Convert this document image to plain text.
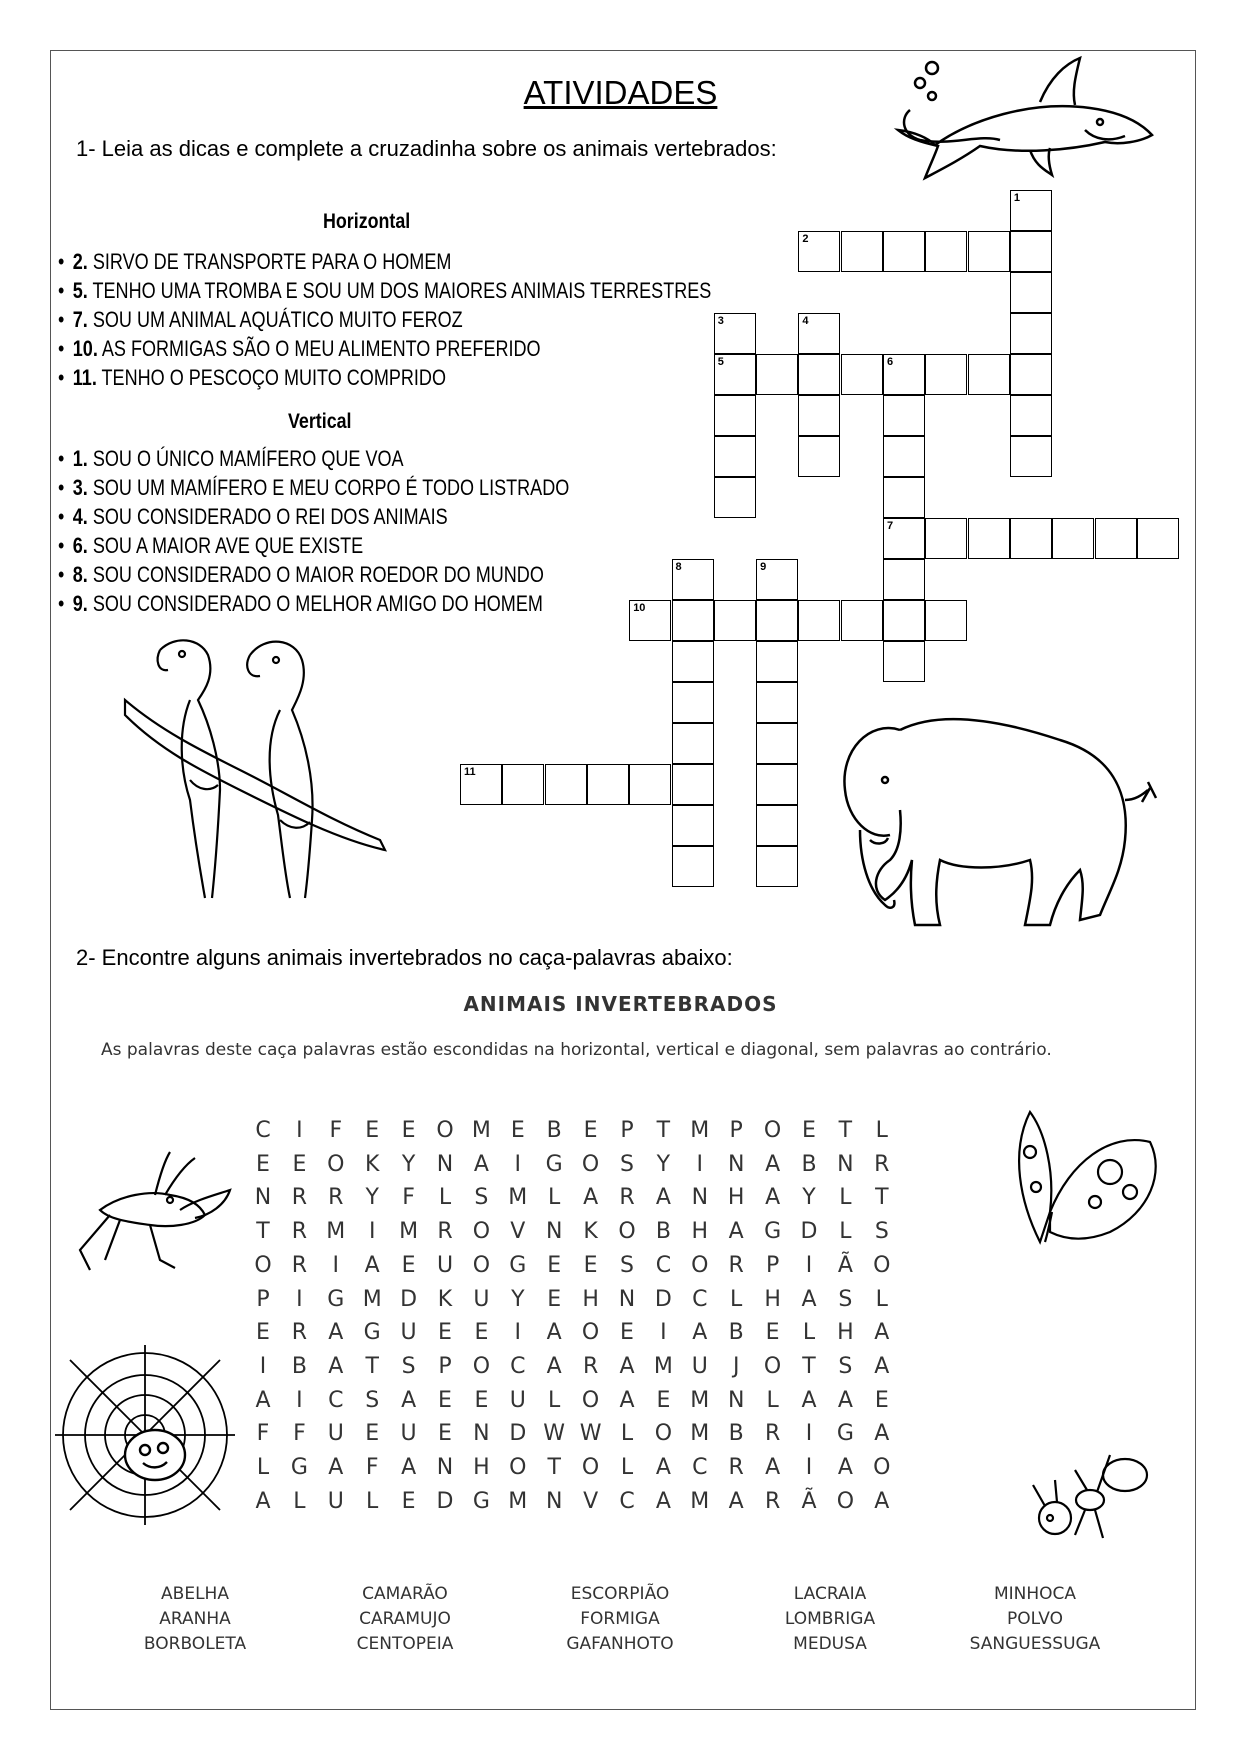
ATIVIDADES
1- Leia as dicas e complete a cruzadinha sobre os animais vertebrados:
Horizontal
• 2. SIRVO DE TRANSPORTE PARA O HOMEM
• 5. TENHO UMA TROMBA E SOU UM DOS MAIORES ANIMAIS TERRESTRES
• 7. SOU UM ANIMAL AQUÁTICO MUITO FEROZ
• 10. AS FORMIGAS SÃO O MEU ALIMENTO PREFERIDO
• 11. TENHO O PESCOÇO MUITO COMPRIDO
Vertical
• 1. SOU O ÚNICO MAMÍFERO QUE VOA
• 3. SOU UM MAMÍFERO E MEU CORPO É TODO LISTRADO
• 4. SOU CONSIDERADO O REI DOS ANIMAIS
• 6. SOU A MAIOR AVE QUE EXISTE
• 8. SOU CONSIDERADO O MAIOR ROEDOR DO MUNDO
• 9. SOU CONSIDERADO O MELHOR AMIGO DO HOMEM
2
5	6
7
10
11
1
3	4
8	9
2- Encontre alguns animais invertebrados no caça-palavras abaixo:
ANIMAIS INVERTEBRADOS
As palavras deste caça palavras estão escondidas na horizontal, vertical e diagonal, sem palavras ao contrário.
C	I	F	E	E O M E B E	P	T M P O E	T	L
E	E O K	Y N A	I	G O S	Y	I	N A B N R
N R R	Y	F	L	S M L	A R A N H A	Y	L	T
T	R M	I	M R O V N K O B H A G D L	S
O R	I	A E U O G E	E	S C O R	P	I	Ã O
P	I	G M D K U Y	E H N D C	L	H A S	L
E R A G U E	E	I	A O E	I	A B E	L H A
I	B A	T	S	P O C A R A M U	J	O T	S A
A	I	C S A E	E U	L O A E M N	L	A A E
F	F	U E U E N D W W L O M B R	I	G A
L G A	F	A N H O T O L	A C R A	I	A O
A	L	U	L	E D G M N V C A M A R Ã O A
ABELHA
ARANHA
BORBOLETA
CAMARÃO
CARAMUJO
CENTOPEIA
ESCORPIÃO
FORMIGA
GAFANHOTO
LACRAIA
LOMBRIGA
MEDUSA
MINHOCA
POLVO
SANGUESSUGA
